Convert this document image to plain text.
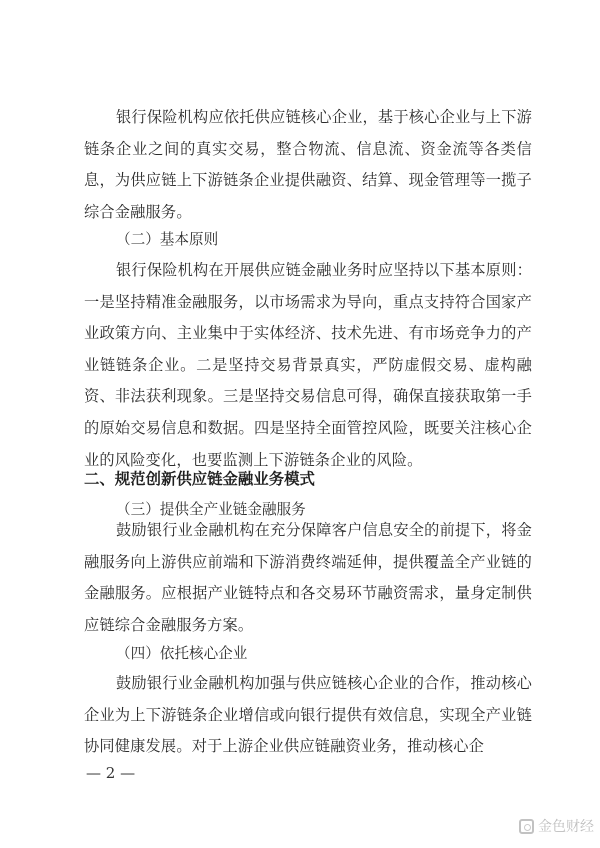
银行保险机构应依托供应链核心企业，基于核心企业与上下游链条企业之间的真实交易，整合物流、信息流、资金流等各类信息，为供应链上下游链条企业提供融资、结算、现金管理等一揽子综合金融服务。

（二）基本原则

银行保险机构在开展供应链金融业务时应坚持以下基本原则：一是坚持精准金融服务，以市场需求为导向，重点支持符合国家产业政策方向、主业集中于实体经济、技术先进、有市场竞争力的产业链链条企业。二是坚持交易背景真实，严防虚假交易、虚构融资、非法获利现象。三是坚持交易信息可得，确保直接获取第一手的原始交易信息和数据。四是坚持全面管控风险，既要关注核心企业的风险变化，也要监测上下游链条企业的风险。

二、规范创新供应链金融业务模式

（三）提供全产业链金融服务

鼓励银行业金融机构在充分保障客户信息安全的前提下，将金融服务向上游供应前端和下游消费终端延伸，提供覆盖全产业链的金融服务。应根据产业链特点和各交易环节融资需求，量身定制供应链综合金融服务方案。

（四）依托核心企业

鼓励银行业金融机构加强与供应链核心企业的合作，推动核心企业为上下游链条企业增信或向银行提供有效信息，实现全产业链协同健康发展。对于上游企业供应链融资业务，推动核心企

— 2 —
金色财经
